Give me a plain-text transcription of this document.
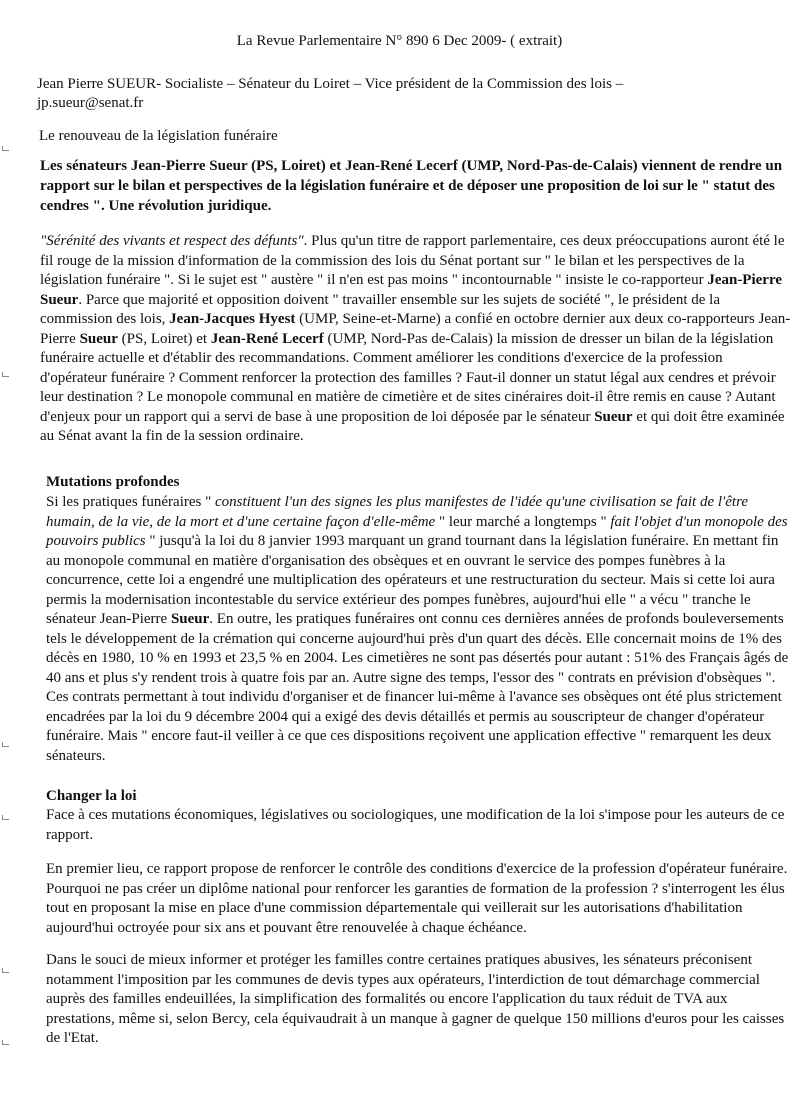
La Revue Parlementaire N° 890 6 Dec 2009- ( extrait)
Jean Pierre SUEUR- Socialiste – Sénateur du Loiret – Vice président de la Commission des lois –
jp.sueur@senat.fr
Le renouveau de la législation funéraire
Les sénateurs Jean-Pierre Sueur (PS, Loiret) et Jean-René Lecerf (UMP, Nord-Pas-de-Calais) viennent de rendre un rapport sur le bilan et perspectives de la législation funéraire et de déposer une proposition de loi sur le " statut des cendres ". Une révolution juridique.
"Sérénité des vivants et respect des défunts". Plus qu'un titre de rapport parlementaire, ces deux préoccupations auront été le fil rouge de la mission d'information de la commission des lois du Sénat portant sur " le bilan et les perspectives de la législation funéraire ". Si le sujet est " austère " il n'en est pas moins " incontournable " insiste le co-rapporteur Jean-Pierre Sueur. Parce que majorité et opposition doivent " travailler ensemble sur les sujets de société ", le président de la commission des lois, Jean-Jacques Hyest (UMP, Seine-et-Marne) a confié en octobre dernier aux deux co-rapporteurs Jean-Pierre Sueur (PS, Loiret) et Jean-René Lecerf (UMP, Nord-Pas de-Calais) la mission de dresser un bilan de la législation funéraire actuelle et d'établir des recommandations. Comment améliorer les conditions d'exercice de la profession d'opérateur funéraire ? Comment renforcer la protection des familles ? Faut-il donner un statut légal aux cendres et prévoir leur destination ? Le monopole communal en matière de cimetière et de sites cinéraires doit-il être remis en cause ? Autant d'enjeux pour un rapport qui a servi de base à une proposition de loi déposée par le sénateur Sueur et qui doit être examinée au Sénat avant la fin de la session ordinaire.
Mutations profondes
Si les pratiques funéraires " constituent l'un des signes les plus manifestes de l'idée qu'une civilisation se fait de l'être humain, de la vie, de la mort et d'une certaine façon d'elle-même " leur marché a longtemps " fait l'objet d'un monopole des pouvoirs publics " jusqu'à la loi du 8 janvier 1993 marquant un grand tournant dans la législation funéraire. En mettant fin au monopole communal en matière d'organisation des obsèques et en ouvrant le service des pompes funèbres à la concurrence, cette loi a engendré une multiplication des opérateurs et une restructuration du secteur. Mais si cette loi aura permis la modernisation incontestable du service extérieur des pompes funèbres, aujourd'hui elle " a vécu " tranche le sénateur Jean-Pierre Sueur. En outre, les pratiques funéraires ont connu ces dernières années de profonds bouleversements tels le développement de la crémation qui concerne aujourd'hui près d'un quart des décès. Elle concernait moins de 1% des décès en 1980, 10 % en 1993 et 23,5 % en 2004. Les cimetières ne sont pas désertés pour autant : 51% des Français âgés de 40 ans et plus s'y rendent trois à quatre fois par an. Autre signe des temps, l'essor des " contrats en prévision d'obsèques ". Ces contrats permettant à tout individu d'organiser et de financer lui-même à l'avance ses obsèques ont été plus strictement encadrées par la loi du 9 décembre 2004 qui a exigé des devis détaillés et permis au souscripteur de changer d'opérateur funéraire. Mais " encore faut-il veiller à ce que ces dispositions reçoivent une application effective " remarquent les deux sénateurs.
Changer la loi
Face à ces mutations économiques, législatives ou sociologiques, une modification de la loi s'impose pour les auteurs de ce rapport.
En premier lieu, ce rapport propose de renforcer le contrôle des conditions d'exercice de la profession d'opérateur funéraire. Pourquoi ne pas créer un diplôme national pour renforcer les garanties de formation de la profession ? s'interrogent les élus tout en proposant la mise en place d'une commission départementale qui veillerait sur les autorisations d'habilitation aujourd'hui octroyée pour six ans et pouvant être renouvelée à chaque échéance.
Dans le souci de mieux informer et protéger les familles contre certaines pratiques abusives, les sénateurs préconisent notamment l'imposition par les communes de devis types aux opérateurs, l'interdiction de tout démarchage commercial auprès des familles endeuillées, la simplification des formalités ou encore l'application du taux réduit de TVA aux prestations, même si, selon Bercy, cela équivaudrait à un manque à gagner de quelque 150 millions d'euros pour les caisses de l'Etat.
